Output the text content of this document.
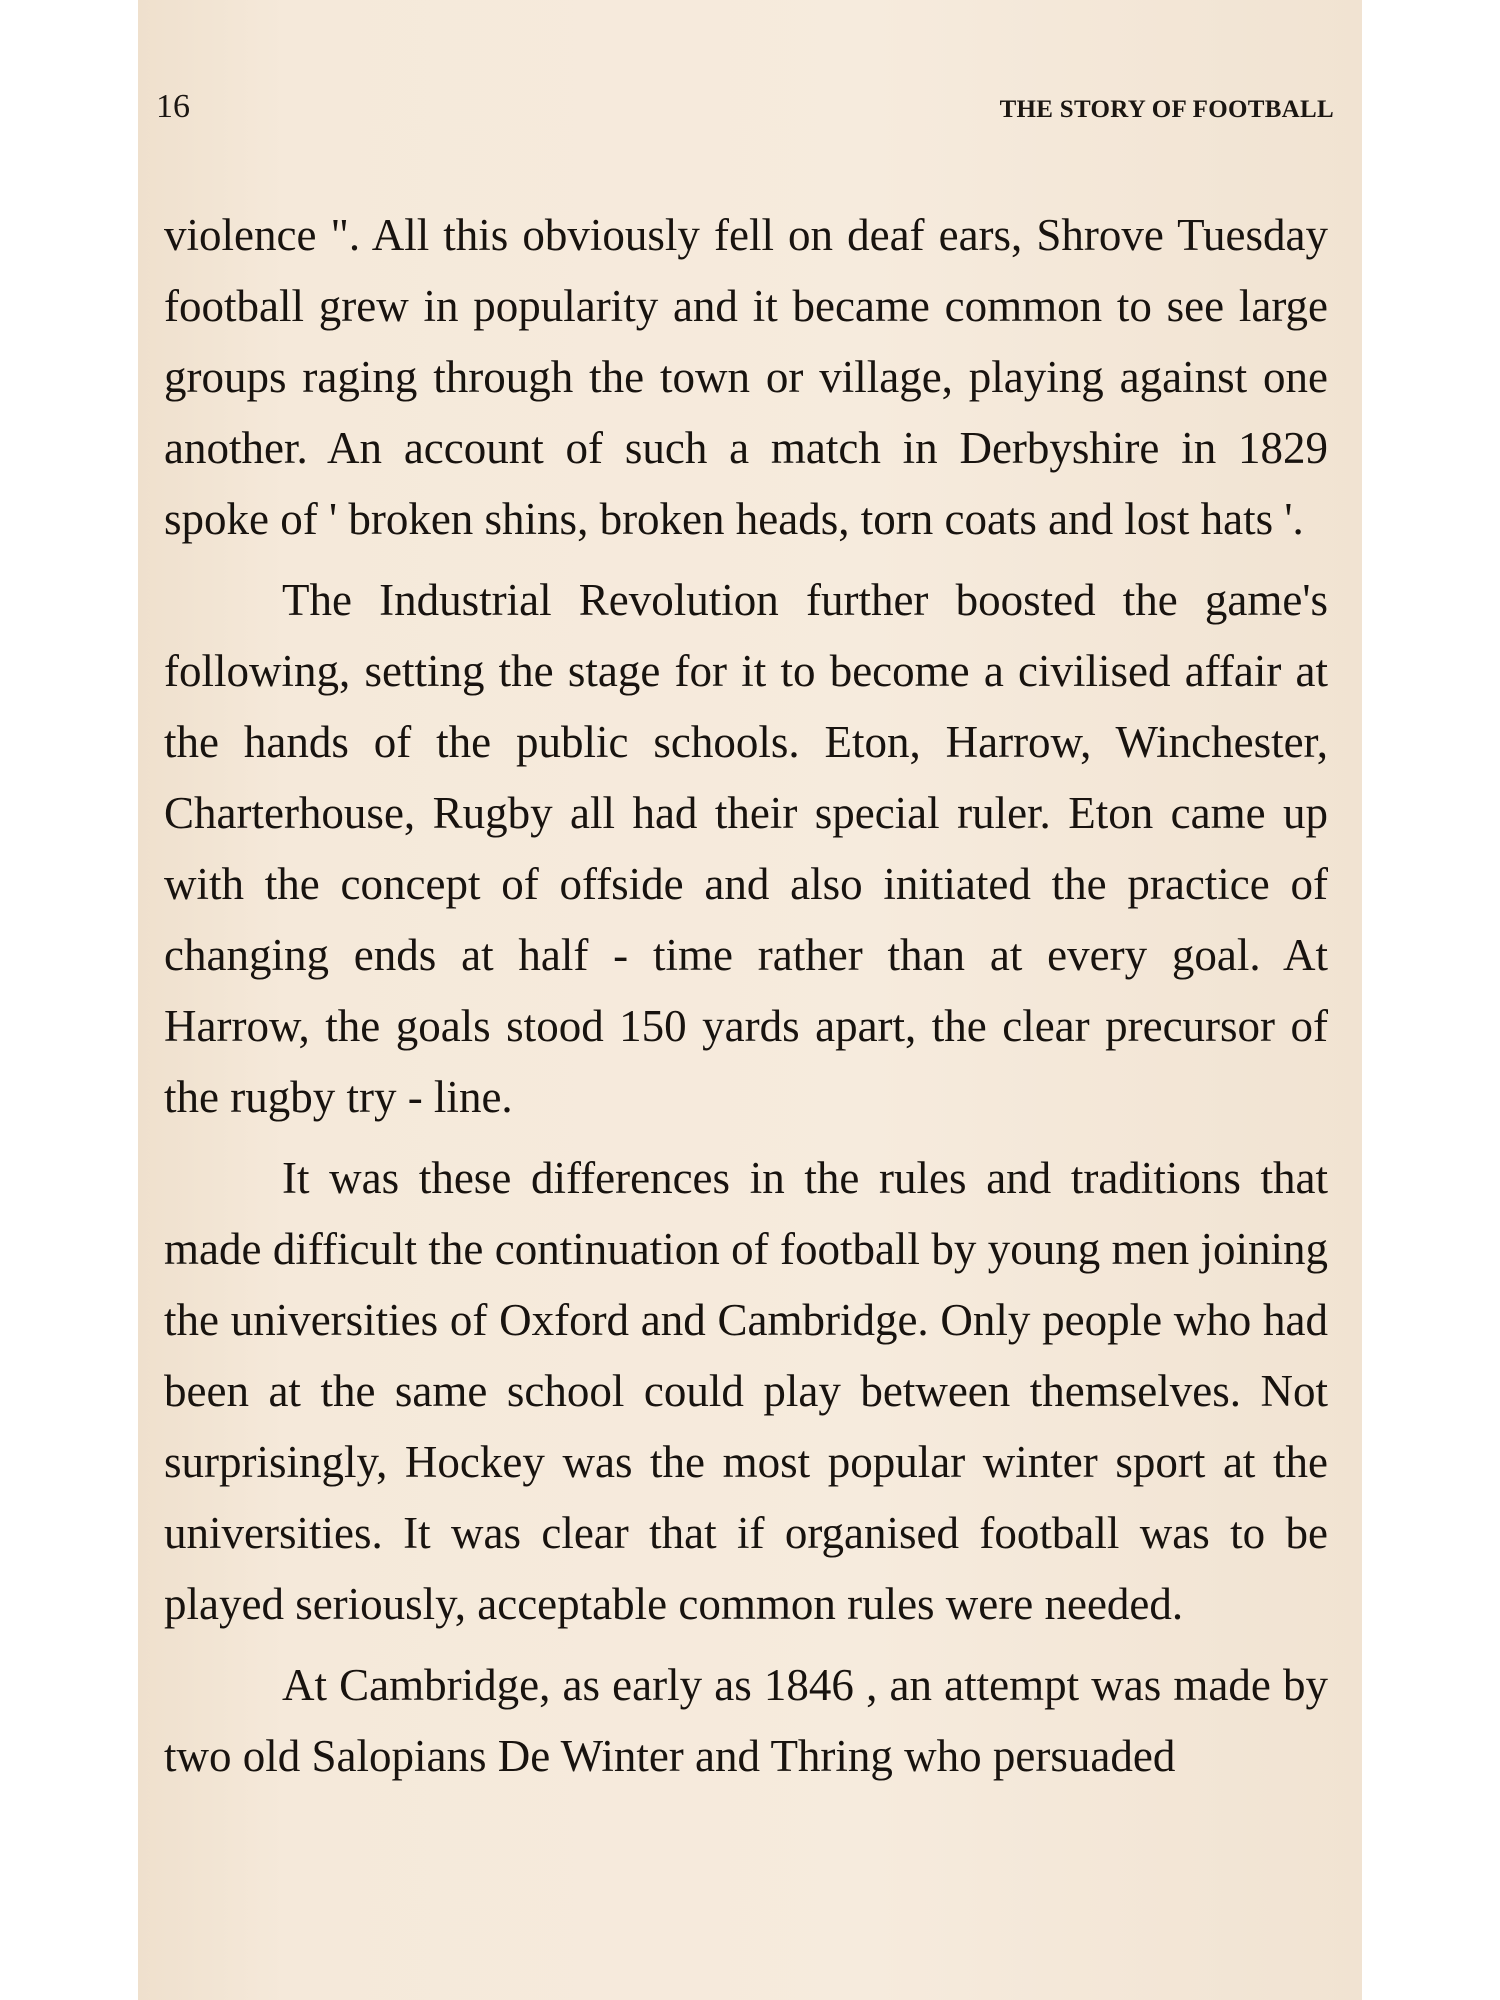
16	THE STORY OF FOOTBALL

violence ". All this obviously fell on deaf ears, Shrove Tuesday football grew in popularity and it became common to see large groups raging through the town or village, playing against one another. An account of such a match in Derbyshire in 1829 spoke of ' broken shins, broken heads, torn coats and lost hats '.

The Industrial Revolution further boosted the game's following, setting the stage for it to become a civilised affair at the hands of the public schools. Eton, Harrow, Winchester, Charterhouse, Rugby all had their special ruler. Eton came up with the concept of offside and also initiated the practice of changing ends at half - time rather than at every goal. At Harrow, the goals stood 150 yards apart, the clear precursor of the rugby try - line.

It was these differences in the rules and traditions that made difficult the continuation of football by young men joining the universities of Oxford and Cambridge. Only people who had been at the same school could play between themselves. Not surprisingly, Hockey was the most popular winter sport at the universities. It was clear that if organised football was to be played seriously, acceptable common rules were needed.

At Cambridge, as early as 1846 , an attempt was made by two old Salopians De Winter and Thring who persuaded
